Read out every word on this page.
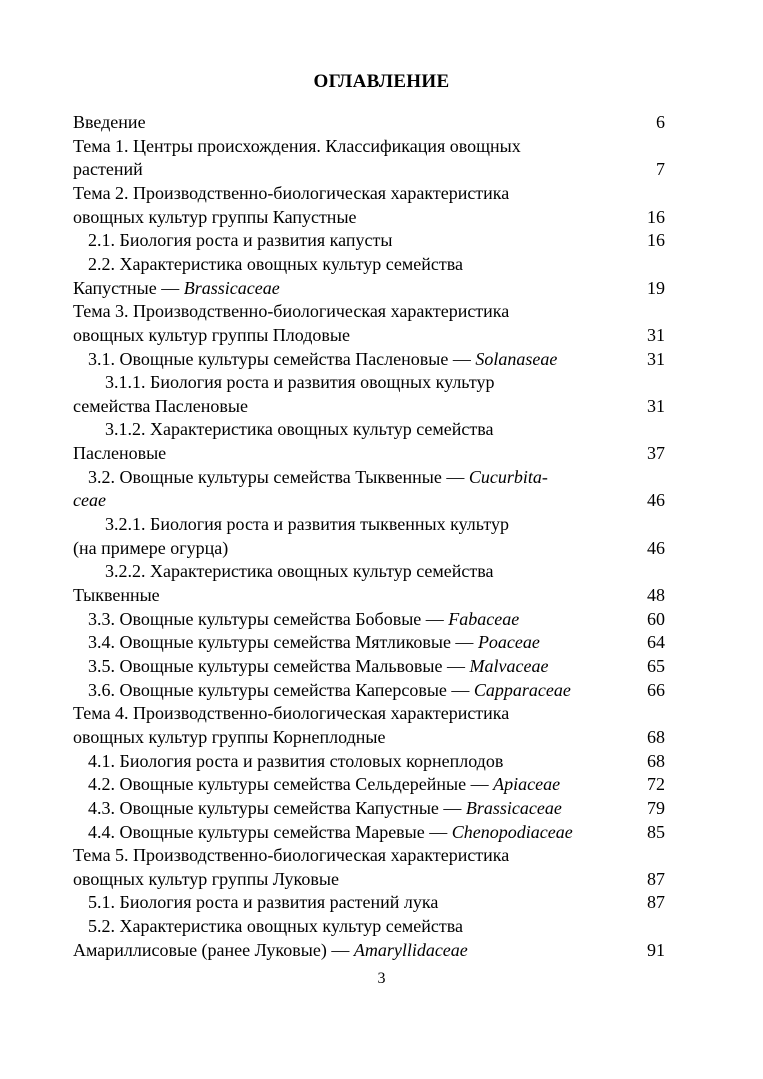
ОГЛАВЛЕНИЕ
Введение	6
Тема 1. Центры происхождения. Классификация овощных
растений	7
Тема 2. Производственно-биологическая характеристика
овощных культур группы Капустные	16
2.1. Биология роста и развития капусты	16
2.2. Характеристика овощных культур семейства
Капустные — Brassicaceae	19
Тема 3. Производственно-биологическая характеристика
овощных культур группы Плодовые	31
3.1. Овощные культуры семейства Пасленовые — Solanaseae	31
3.1.1. Биология роста и развития овощных культур
семейства Пасленовые	31
3.1.2. Характеристика овощных культур семейства
Пасленовые	37
3.2. Овощные культуры семейства Тыквенные — Cucurbita-
ceae	46
3.2.1. Биология роста и развития тыквенных культур
(на примере огурца)	46
3.2.2. Характеристика овощных культур семейства
Тыквенные	48
3.3. Овощные культуры семейства Бобовые — Fabaceae	60
3.4. Овощные культуры семейства Мятликовые — Poaceae	64
3.5. Овощные культуры семейства Мальвовые — Malvaceae	65
3.6. Овощные культуры семейства Каперсовые — Capparaceae	66
Тема 4. Производственно-биологическая характеристика
овощных культур группы Корнеплодные	68
4.1. Биология роста и развития столовых корнеплодов	68
4.2. Овощные культуры семейства Сельдерейные — Apiaceae	72
4.3. Овощные культуры семейства Капустные — Brassicaceae	79
4.4. Овощные культуры семейства Маревые — Chenopodiaceae	85
Тема 5. Производственно-биологическая характеристика
овощных культур группы Луковые	87
5.1. Биология роста и развития растений лука	87
5.2. Характеристика овощных культур семейства
Амариллисовые (ранее Луковые) — Amaryllidaceae	91
3
